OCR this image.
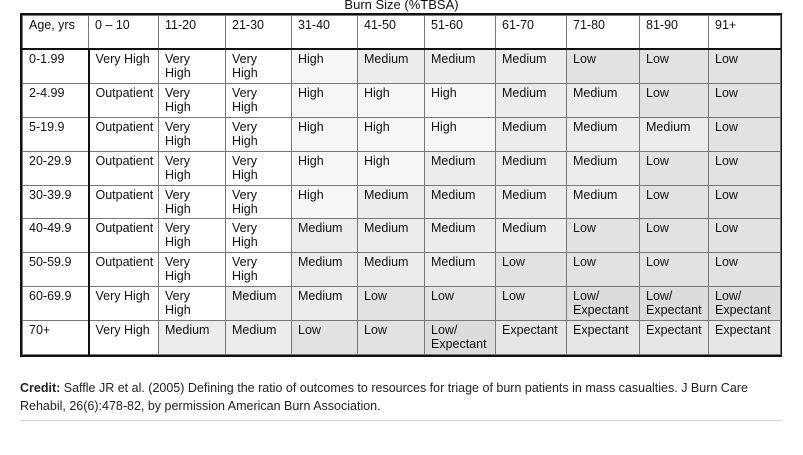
Burn Size (%TBSA)
Age, yrs	0 – 10	11-20	21-30	31-40	41-50	51-60	61-70	71-80	81-90	91+
0-1.99	Very High	Very High	Very High	High	Medium	Medium	Medium	Low	Low	Low
2-4.99	Outpatient	Very High	Very High	High	High	High	Medium	Medium	Low	Low
5-19.9	Outpatient	Very High	Very High	High	High	High	Medium	Medium	Medium	Low
20-29.9	Outpatient	Very High	Very High	High	High	Medium	Medium	Medium	Low	Low
30-39.9	Outpatient	Very High	Very High	High	Medium	Medium	Medium	Medium	Low	Low
40-49.9	Outpatient	Very High	Very High	Medium	Medium	Medium	Medium	Low	Low	Low
50-59.9	Outpatient	Very High	Very High	Medium	Medium	Medium	Low	Low	Low	Low
60-69.9	Very High	Very High	Medium	Medium	Low	Low	Low	Low/ Expectant	Low/ Expectant	Low/ Expectant
70+	Very High	Medium	Medium	Low	Low	Low/ Expectant	Expectant	Expectant	Expectant	Expectant
Credit: Saffle JR et al. (2005) Defining the ratio of outcomes to resources for triage of burn patients in mass casualties. J Burn Care Rehabil, 26(6):478-82, by permission American Burn Association.
